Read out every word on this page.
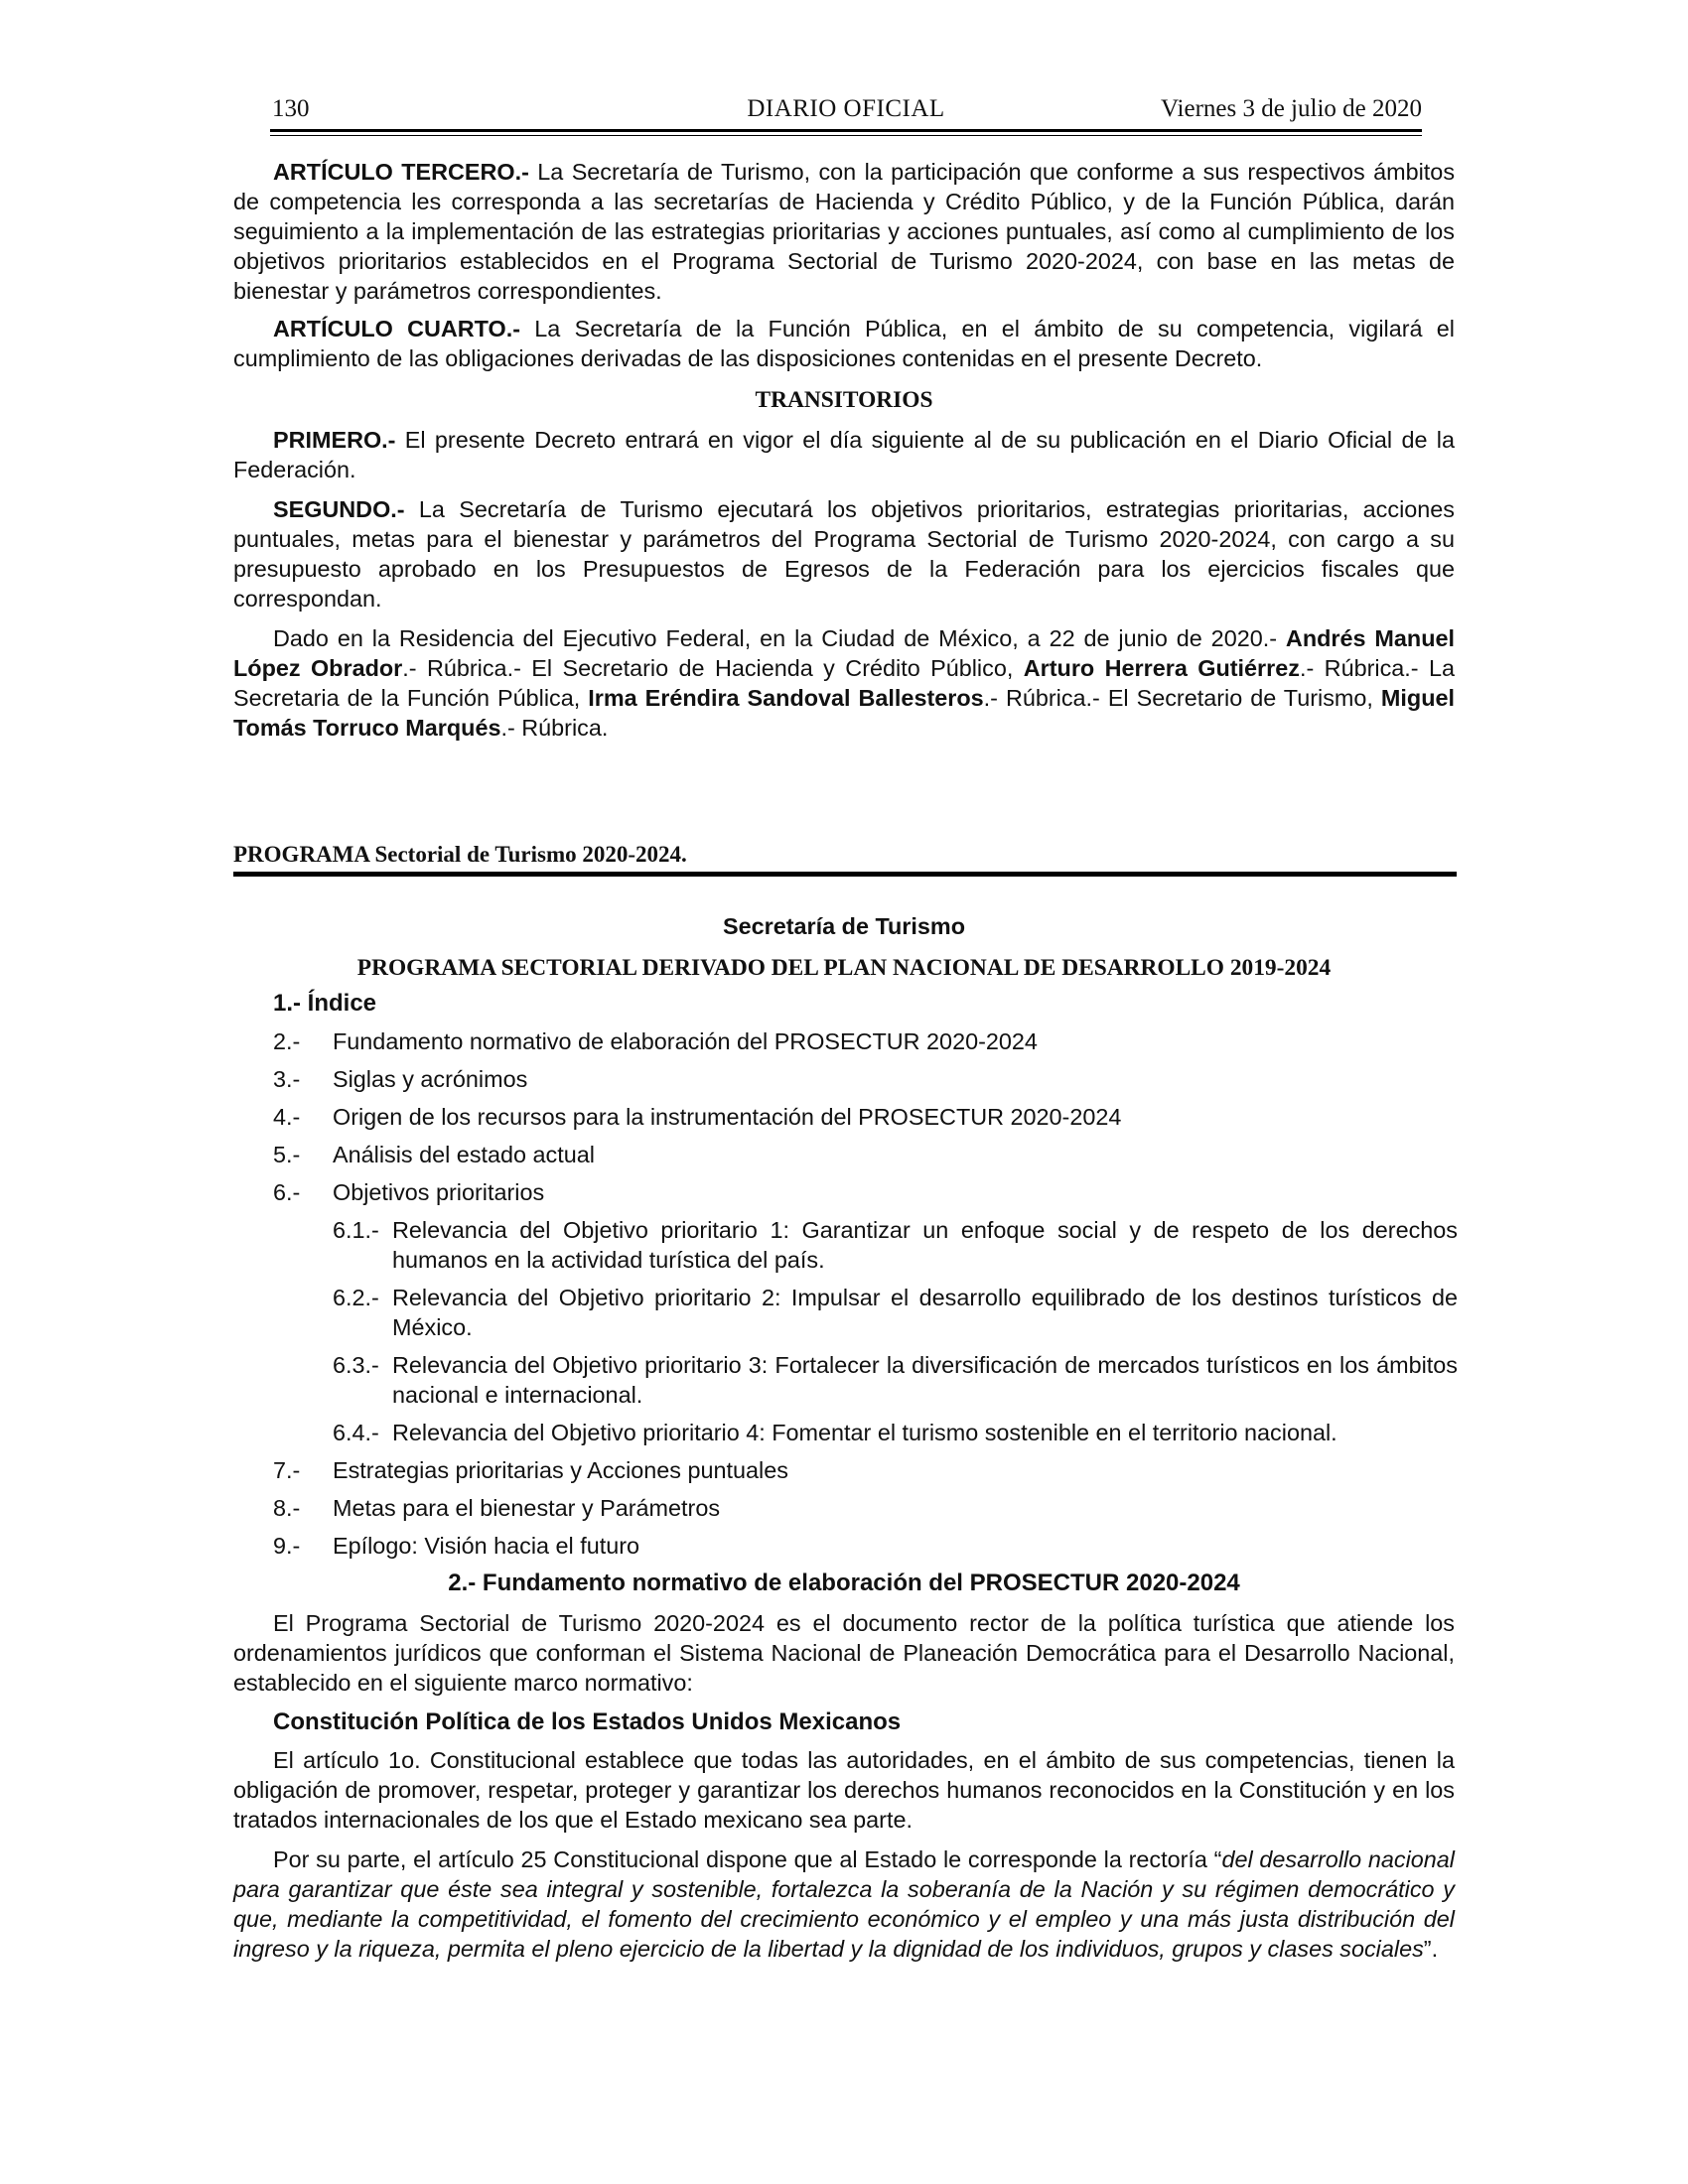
130	DIARIO OFICIAL	Viernes 3 de julio de 2020

ARTÍCULO TERCERO.- La Secretaría de Turismo, con la participación que conforme a sus respectivos ámbitos de competencia les corresponda a las secretarías de Hacienda y Crédito Público, y de la Función Pública, darán seguimiento a la implementación de las estrategias prioritarias y acciones puntuales, así como al cumplimiento de los objetivos prioritarios establecidos en el Programa Sectorial de Turismo 2020-2024, con base en las metas de bienestar y parámetros correspondientes.

ARTÍCULO CUARTO.- La Secretaría de la Función Pública, en el ámbito de su competencia, vigilará el cumplimiento de las obligaciones derivadas de las disposiciones contenidas en el presente Decreto.

TRANSITORIOS

PRIMERO.- El presente Decreto entrará en vigor el día siguiente al de su publicación en el Diario Oficial de la Federación.

SEGUNDO.- La Secretaría de Turismo ejecutará los objetivos prioritarios, estrategias prioritarias, acciones puntuales, metas para el bienestar y parámetros del Programa Sectorial de Turismo 2020-2024, con cargo a su presupuesto aprobado en los Presupuestos de Egresos de la Federación para los ejercicios fiscales que correspondan.

Dado en la Residencia del Ejecutivo Federal, en la Ciudad de México, a 22 de junio de 2020.- Andrés Manuel López Obrador.- Rúbrica.- El Secretario de Hacienda y Crédito Público, Arturo Herrera Gutiérrez.- Rúbrica.- La Secretaria de la Función Pública, Irma Eréndira Sandoval Ballesteros.- Rúbrica.- El Secretario de Turismo, Miguel Tomás Torruco Marqués.- Rúbrica.

PROGRAMA Sectorial de Turismo 2020-2024.
Secretaría de Turismo
PROGRAMA SECTORIAL DERIVADO DEL PLAN NACIONAL DE DESARROLLO 2019-2024
1.- Índice
2.- Fundamento normativo de elaboración del PROSECTUR 2020-2024
3.- Siglas y acrónimos
4.- Origen de los recursos para la instrumentación del PROSECTUR 2020-2024
5.- Análisis del estado actual
6.- Objetivos prioritarios
6.1.- Relevancia del Objetivo prioritario 1: Garantizar un enfoque social y de respeto de los derechos humanos en la actividad turística del país.
6.2.- Relevancia del Objetivo prioritario 2: Impulsar el desarrollo equilibrado de los destinos turísticos de México.
6.3.- Relevancia del Objetivo prioritario 3: Fortalecer la diversificación de mercados turísticos en los ámbitos nacional e internacional.
6.4.- Relevancia del Objetivo prioritario 4: Fomentar el turismo sostenible en el territorio nacional.
7.- Estrategias prioritarias y Acciones puntuales
8.- Metas para el bienestar y Parámetros
9.- Epílogo: Visión hacia el futuro
2.- Fundamento normativo de elaboración del PROSECTUR 2020-2024

El Programa Sectorial de Turismo 2020-2024 es el documento rector de la política turística que atiende los ordenamientos jurídicos que conforman el Sistema Nacional de Planeación Democrática para el Desarrollo Nacional, establecido en el siguiente marco normativo:

Constitución Política de los Estados Unidos Mexicanos

El artículo 1o. Constitucional establece que todas las autoridades, en el ámbito de sus competencias, tienen la obligación de promover, respetar, proteger y garantizar los derechos humanos reconocidos en la Constitución y en los tratados internacionales de los que el Estado mexicano sea parte.

Por su parte, el artículo 25 Constitucional dispone que al Estado le corresponde la rectoría “del desarrollo nacional para garantizar que éste sea integral y sostenible, fortalezca la soberanía de la Nación y su régimen democrático y que, mediante la competitividad, el fomento del crecimiento económico y el empleo y una más justa distribución del ingreso y la riqueza, permita el pleno ejercicio de la libertad y la dignidad de los individuos, grupos y clases sociales”.
